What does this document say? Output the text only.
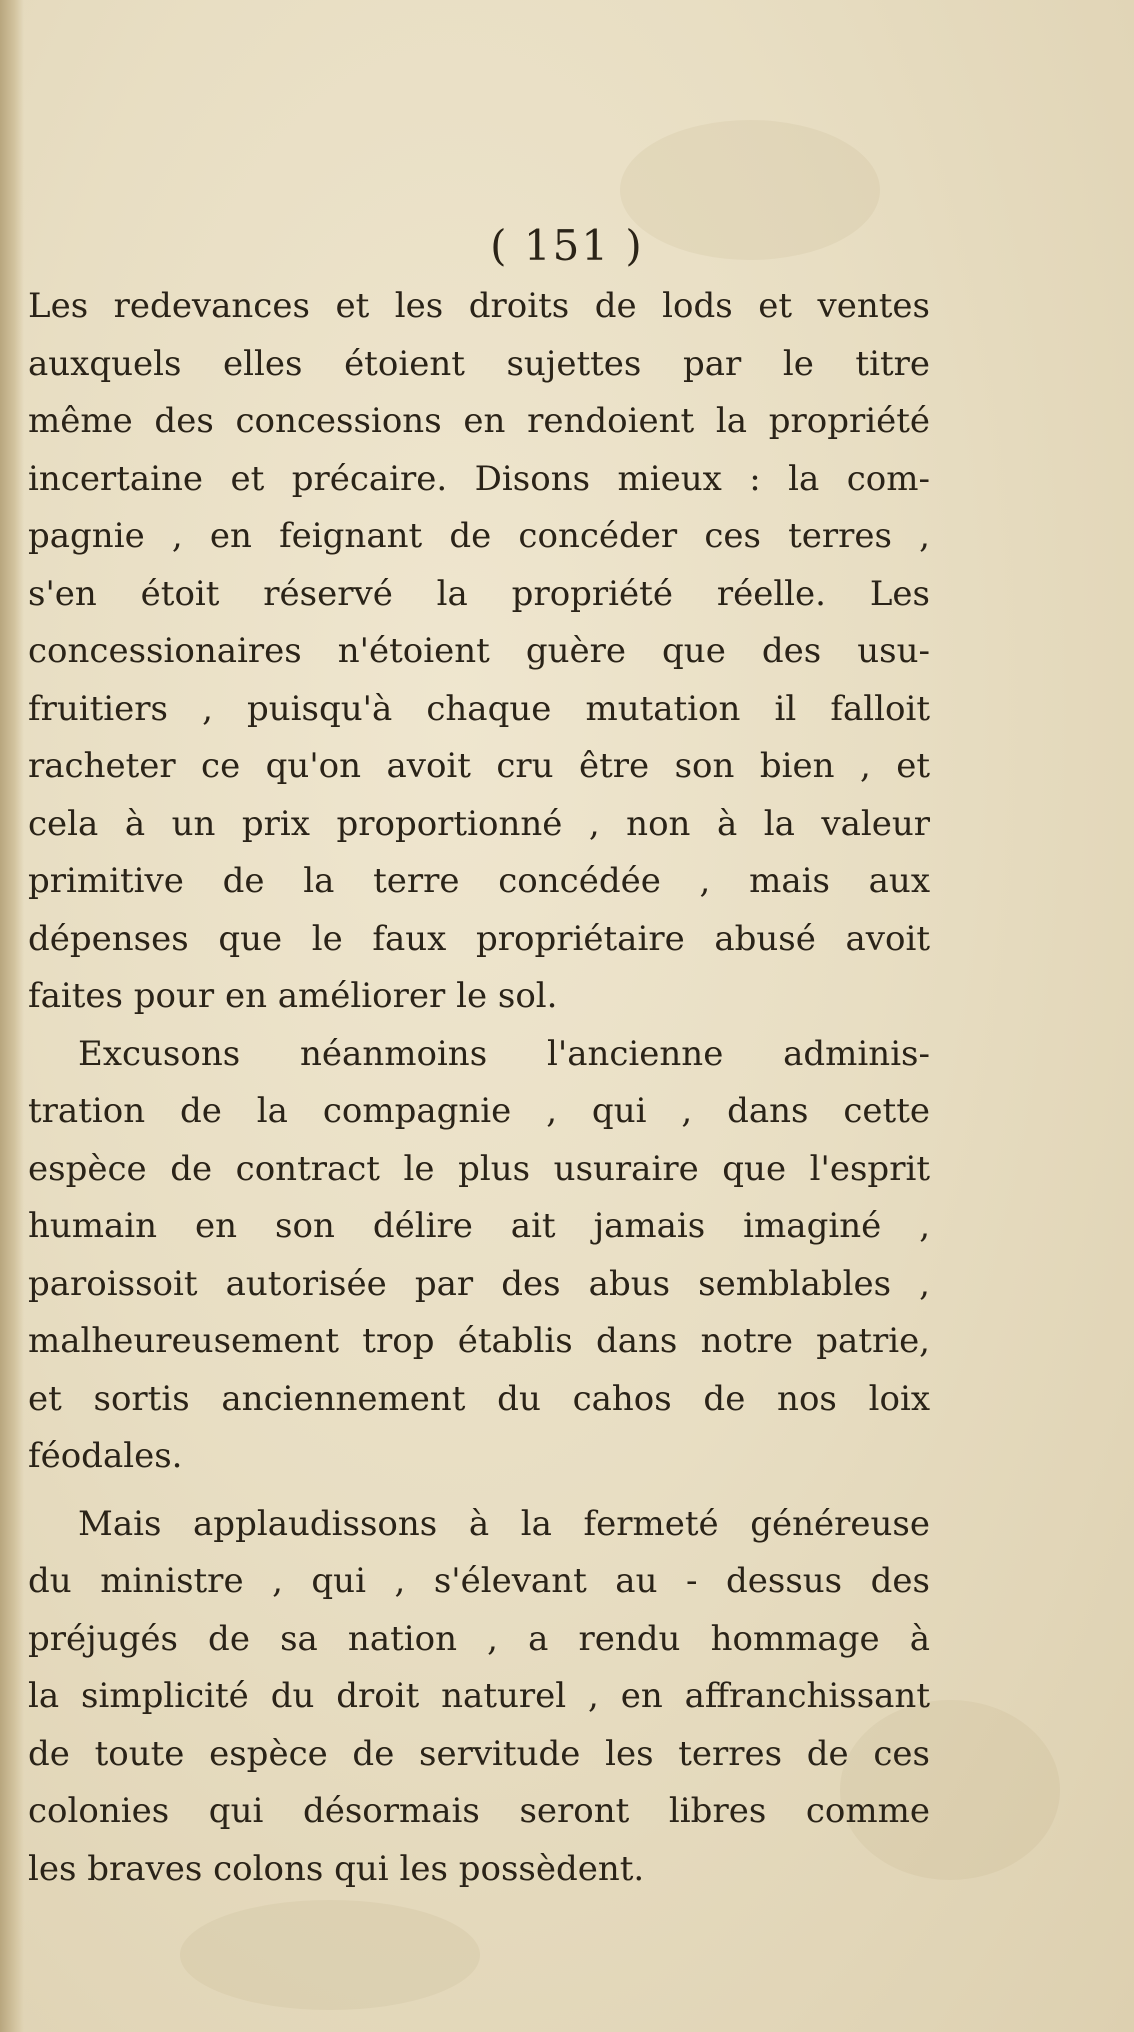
( 151 )

Les redevances et les droits de lods et ventes
auxquels elles étoient sujettes par le titre
même des concessions en rendoient la propriété
incertaine et précaire. Disons mieux : la com-
pagnie , en feignant de concéder ces terres ,
s'en étoit réservé la propriété réelle. Les
concessionaires n'étoient guère que des usu-
fruitiers , puisqu'à chaque mutation il falloit
racheter ce qu'on avoit cru être son bien , et
cela à un prix proportionné , non à la valeur
primitive de la terre concédée , mais aux
dépenses que le faux propriétaire abusé avoit
faites pour en améliorer le sol.
Excusons néanmoins l'ancienne adminis-
tration de la compagnie , qui , dans cette
espèce de contract le plus usuraire que l'esprit
humain en son délire ait jamais imaginé ,
paroissoit autorisée par des abus semblables ,
malheureusement trop établis dans notre patrie,
et sortis anciennement du cahos de nos loix
féodales.
Mais applaudissons à la fermeté généreuse
du ministre , qui , s'élevant au - dessus des
préjugés de sa nation , a rendu hommage à
la simplicité du droit naturel , en affranchissant
de toute espèce de servitude les terres de ces
colonies qui désormais seront libres comme
les braves colons qui les possèdent.
